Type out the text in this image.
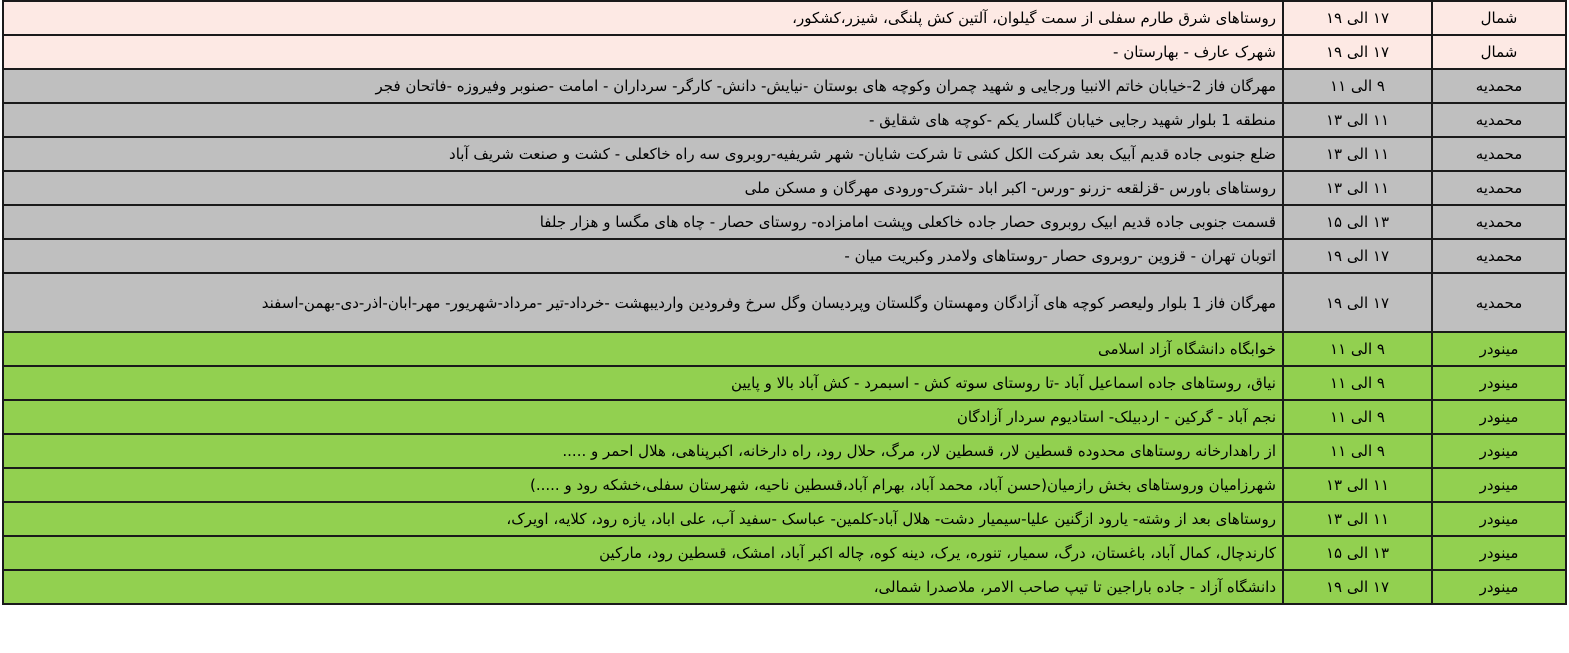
شمال	۱۷ الی ۱۹	روستاهای شرق طارم سفلی از سمت گیلوان، آلتین کش پلنگی، شیزر،کشکور،
شمال	۱۷ الی ۱۹	شهرک عارف - بهارستان -
محمدیه	۹ الی ۱۱	مهرگان فاز 2-خیابان خاتم الانبیا ورجایی و شهید چمران وکوچه های بوستان -نیایش- دانش- کارگر- سرداران - امامت -صنوبر وفیروزه -فاتحان فجر
محمدیه	۱۱ الی ۱۳	منطقه 1 بلوار شهید رجایی خیابان گلسار یکم -کوچه های شقایق -
محمدیه	۱۱ الی ۱۳	ضلع جنوبی جاده قدیم آبیک بعد شرکت الکل کشی تا شرکت شایان- شهر شریفیه-روبروی سه راه خاکعلی - کشت و صنعت شریف آباد
محمدیه	۱۱ الی ۱۳	روستاهای باورس -قزلقعه -زرنو -ورس- اکبر اباد -شترک-ورودی مهرگان و مسکن ملی
محمدیه	۱۳ الی ۱۵	قسمت جنوبی جاده قدیم ابیک روبروی حصار جاده خاکعلی وپشت امامزاده- روستای حصار - چاه های مگسا و هزار جلفا
محمدیه	۱۷ الی ۱۹	اتوبان تهران - قزوین -روبروی حصار -روستاهای ولامدر وکبریت میان -
محمدیه	۱۷ الی ۱۹	مهرگان فاز 1 بلوار ولیعصر کوچه های آزادگان ومهستان وگلستان وپردیسان وگل سرخ وفرودین واردیبهشت -خرداد-تیر -مرداد-شهریور- مهر-ابان-اذر-دی-بهمن-اسفند
مینودر	۹ الی ۱۱	خوابگاه دانشگاه آزاد اسلامی
مینودر	۹ الی ۱۱	نیاق، روستاهای جاده اسماعیل آباد -تا روستای سوته کش - اسبمرد - کش آباد بالا و پایین
مینودر	۹ الی ۱۱	نجم آباد - گرکین - اردبیلک- استادیوم سردار آزادگان
مینودر	۹ الی ۱۱	از راهدارخانه روستاهای محدوده قسطین لار، قسطین لار، مرگ، حلال رود، راه دارخانه، اکبرپناهی، هلال احمر و .....
مینودر	۱۱ الی ۱۳	شهرزامیان وروستاهای بخش رازمیان(حسن آباد، محمد آباد، بهرام آباد،قسطین ناحیه، شهرستان سفلی،خشکه رود و .....)
مینودر	۱۱ الی ۱۳	روستاهای بعد از وشته- یارود ازگنین علیا-سیمیار دشت- هلال آباد-کلمین- عباسک -سفید آب، علی اباد، یازه رود، کلایه، اویرک،
مینودر	۱۳ الی ۱۵	کارندچال، کمال آباد، باغستان، درگ، سمیار، تنوره، یرک، دینه کوه، چاله اکبر آباد، امشک، قسطین رود، مارکین
مینودر	۱۷ الی ۱۹	دانشگاه آزاد - جاده باراجین تا تیپ صاحب الامر، ملاصدرا شمالی،
